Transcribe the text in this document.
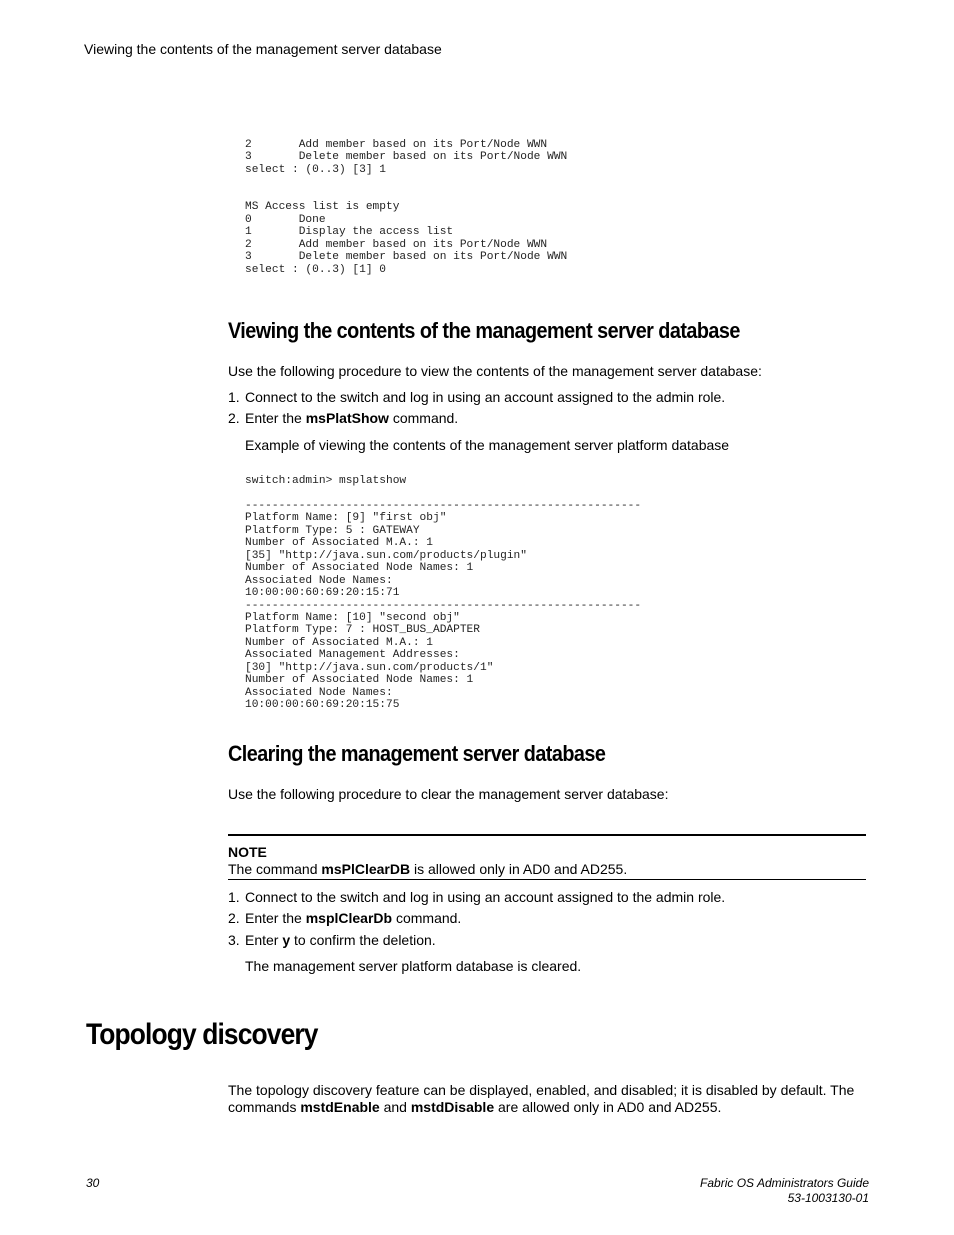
Viewing the contents of the management server database
2       Add member based on its Port/Node WWN
3       Delete member based on its Port/Node WWN
select : (0..3) [3] 1

MS Access list is empty
0       Done
1       Display the access list
2       Add member based on its Port/Node WWN
3       Delete member based on its Port/Node WWN
select : (0..3) [1] 0
Viewing the contents of the management server database
Use the following procedure to view the contents of the management server database:
1. Connect to the switch and log in using an account assigned to the admin role.
2. Enter the msPlatShow command.
Example of viewing the contents of the management server platform database
switch:admin> msplatshow

-----------------------------------------------------------
Platform Name: [9] "first obj"
Platform Type: 5 : GATEWAY
Number of Associated M.A.: 1
[35] "http://java.sun.com/products/plugin"
Number of Associated Node Names: 1
Associated Node Names:
10:00:00:60:69:20:15:71
-----------------------------------------------------------
Platform Name: [10] "second obj"
Platform Type: 7 : HOST_BUS_ADAPTER
Number of Associated M.A.: 1
Associated Management Addresses:
[30] "http://java.sun.com/products/1"
Number of Associated Node Names: 1
Associated Node Names:
10:00:00:60:69:20:15:75
Clearing the management server database
Use the following procedure to clear the management server database:
NOTE
The command msPlClearDB is allowed only in AD0 and AD255.
1. Connect to the switch and log in using an account assigned to the admin role.
2. Enter the msplClearDb command.
3. Enter y to confirm the deletion.
The management server platform database is cleared.
Topology discovery
The topology discovery feature can be displayed, enabled, and disabled; it is disabled by default. The
commands mstdEnable and mstdDisable are allowed only in AD0 and AD255.
30	Fabric OS Administrators Guide
53-1003130-01
